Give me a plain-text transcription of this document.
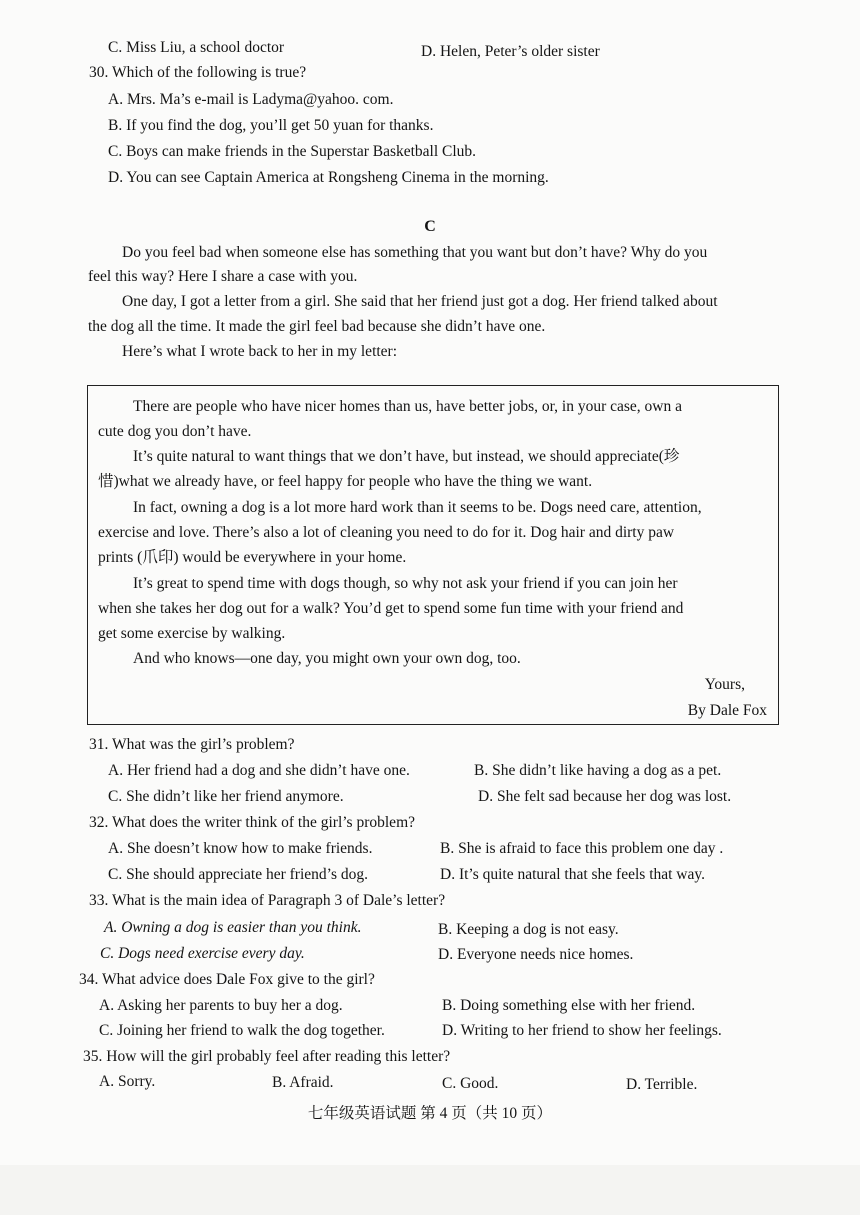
C. Miss Liu, a school doctor	D. Helen, Peter’s older sister
30. Which of the following is true?
A. Mrs. Ma’s e-mail is Ladyma@yahoo. com.
B. If you find the dog, you’ll get 50 yuan for thanks.
C. Boys can make friends in the Superstar Basketball Club.
D. You can see Captain America at Rongsheng Cinema in the morning.
C
Do you feel bad when someone else has something that you want but don’t have? Why do you
feel this way? Here I share a case with you.
One day, I got a letter from a girl. She said that her friend just got a dog. Her friend talked about
the dog all the time. It made the girl feel bad because she didn’t have one.
Here’s what I wrote back to her in my letter:
There are people who have nicer homes than us, have better jobs, or, in your case, own a
cute dog you don’t have.
It’s quite natural to want things that we don’t have, but instead, we should appreciate(珍
惜)what we already have, or feel happy for people who have the thing we want.
In fact, owning a dog is a lot more hard work than it seems to be. Dogs need care, attention,
exercise and love. There’s also a lot of cleaning you need to do for it. Dog hair and dirty paw
prints (爪印) would be everywhere in your home.
It’s great to spend time with dogs though, so why not ask your friend if you can join her
when she takes her dog out for a walk? You’d get to spend some fun time with your friend and
get some exercise by walking.
And who knows—one day, you might own your own dog, too.
Yours,
By Dale Fox
31. What was the girl’s problem?
A. Her friend had a dog and she didn’t have one.	B. She didn’t like having a dog as a pet.
C. She didn’t like her friend anymore.	D. She felt sad because her dog was lost.
32. What does the writer think of the girl’s problem?
A. She doesn’t know how to make friends.	B. She is afraid to face this problem one day .
C. She should appreciate her friend’s dog.	D. It’s quite natural that she feels that way.
33. What is the main idea of Paragraph 3 of Dale’s letter?
A. Owning a dog is easier than you think.	B. Keeping a dog is not easy.
C. Dogs need exercise every day.	D. Everyone needs nice homes.
34. What advice does Dale Fox give to the girl?
A. Asking her parents to buy her a dog.	B. Doing something else with her friend.
C. Joining her friend to walk the dog together.	D. Writing to her friend to show her feelings.
35. How will the girl probably feel after reading this letter?
A. Sorry.	B. Afraid.	C. Good.	D. Terrible.
七年级英语试题 第 4 页（共 10 页）
